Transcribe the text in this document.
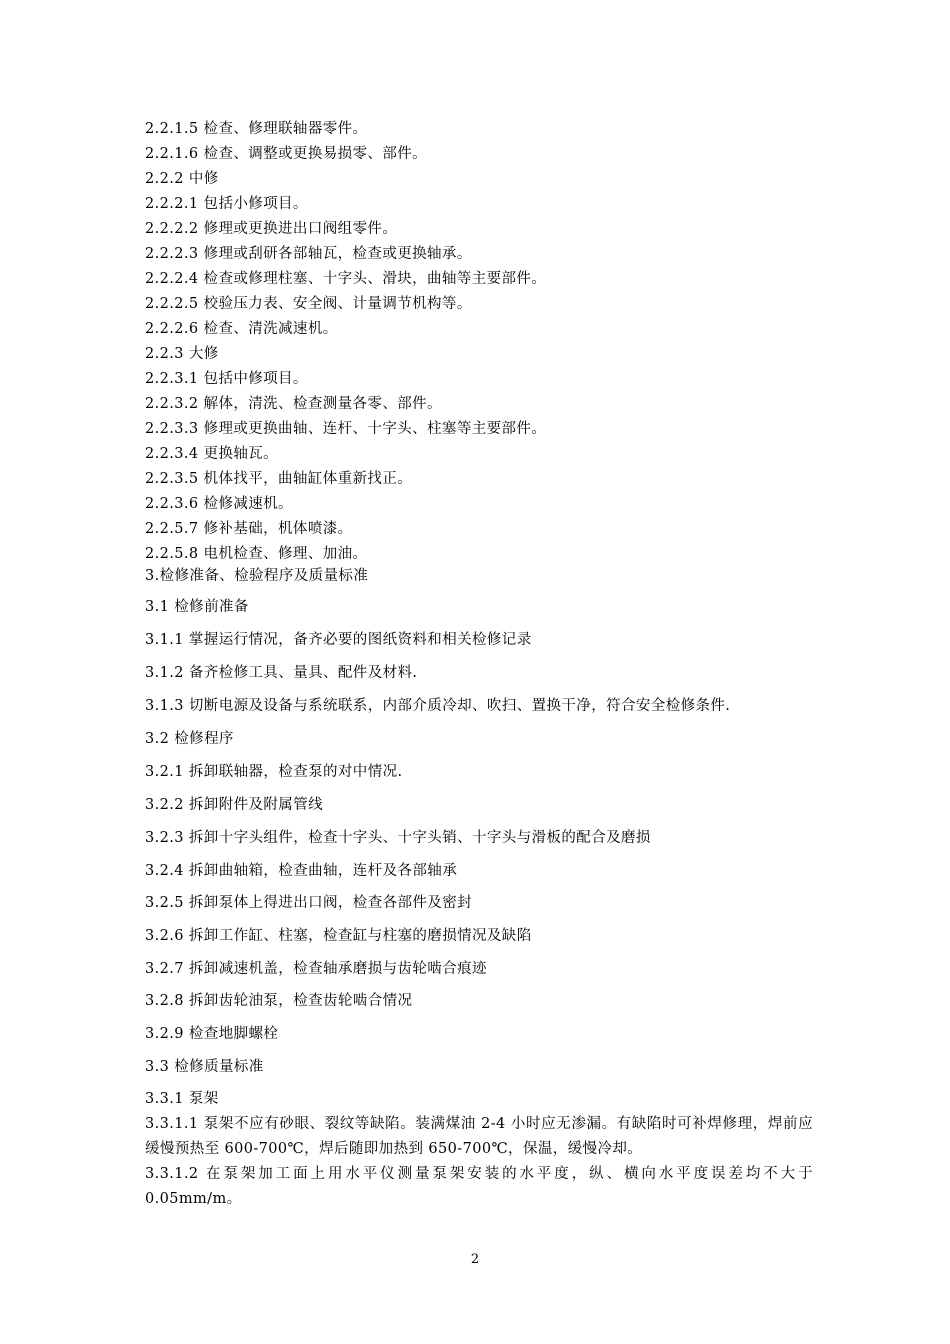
2.2.1.5 检查、修理联轴器零件。
2.2.1.6 检查、调整或更换易损零、部件。
2.2.2 中修
2.2.2.1 包括小修项目。
2.2.2.2 修理或更换进出口阀组零件。
2.2.2.3 修理或刮研各部轴瓦，检查或更换轴承。
2.2.2.4 检查或修理柱塞、十字头、滑块，曲轴等主要部件。
2.2.2.5 校验压力表、安全阀、计量调节机构等。
2.2.2.6 检查、清洗减速机。
2.2.3 大修
2.2.3.1 包括中修项目。
2.2.3.2 解体，清洗、检查测量各零、部件。
2.2.3.3 修理或更换曲轴、连杆、十字头、柱塞等主要部件。
2.2.3.4 更换轴瓦。
2.2.3.5 机体找平，曲轴缸体重新找正。
2.2.3.6 检修减速机。
2.2.5.7 修补基础，机体喷漆。
2.2.5.8 电机检查、修理、加油。
3.检修准备、检验程序及质量标准
3.1 检修前准备
3.1.1 掌握运行情况，备齐必要的图纸资料和相关检修记录
3.1.2 备齐检修工具、量具、配件及材料.
3.1.3 切断电源及设备与系统联系，内部介质冷却、吹扫、置换干净，符合安全检修条件.
3.2 检修程序
3.2.1 拆卸联轴器，检查泵的对中情况.
3.2.2 拆卸附件及附属管线
3.2.3 拆卸十字头组件，检查十字头、十字头销、十字头与滑板的配合及磨损
3.2.4 拆卸曲轴箱，检查曲轴，连杆及各部轴承
3.2.5 拆卸泵体上得进出口阀，检查各部件及密封
3.2.6 拆卸工作缸、柱塞，检查缸与柱塞的磨损情况及缺陷
3.2.7 拆卸减速机盖，检查轴承磨损与齿轮啮合痕迹
3.2.8 拆卸齿轮油泵，检查齿轮啮合情况
3.2.9 检查地脚螺栓
3.3 检修质量标准
3.3.1 泵架
3.3.1.1 泵架不应有砂眼、裂纹等缺陷。装满煤油 2-4 小时应无渗漏。有缺陷时可补焊修理，焊前应缓慢预热至 600-700℃，焊后随即加热到 650-700℃，保温，缓慢冷却。
3.3.1.2 在泵架加工面上用水平仪测量泵架安装的水平度，纵、横向水平度误差均不大于 0.05mm/m。
2
